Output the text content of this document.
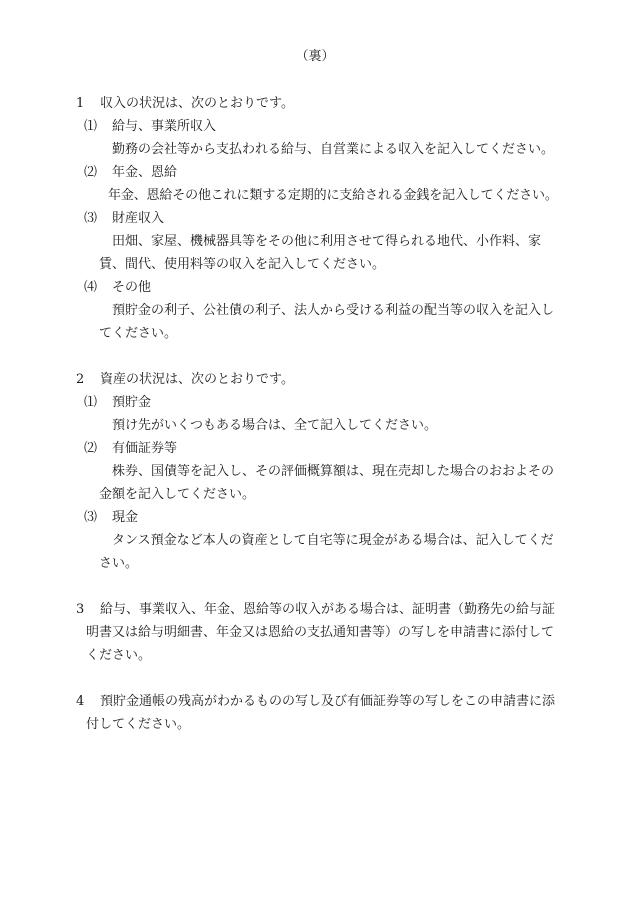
（裏）
1 収入の状況は、次のとおりです。
⑴ 給与、事業所収入
勤務の会社等から支払われる給与、自営業による収入を記入してください。
⑵ 年金、恩給
年金、恩給その他これに類する定期的に支給される金銭を記入してください。
⑶ 財産収入
田畑、家屋、機械器具等をその他に利用させて得られる地代、小作料、家賃、間代、使用料等の収入を記入してください。
⑷ その他
預貯金の利子、公社債の利子、法人から受ける利益の配当等の収入を記入してください。
2 資産の状況は、次のとおりです。
⑴ 預貯金
預け先がいくつもある場合は、全て記入してください。
⑵ 有価証券等
株券、国債等を記入し、その評価概算額は、現在売却した場合のおおよその金額を記入してください。
⑶ 現金
タンス預金など本人の資産として自宅等に現金がある場合は、記入してください。
3	給与、事業収入、年金、恩給等の収入がある場合は、証明書（勤務先の給与証明書又は給与明細書、年金又は恩給の支払通知書等）の写しを申請書に添付してください。
4	預貯金通帳の残高がわかるものの写し及び有価証券等の写しをこの申請書に添付してください。
